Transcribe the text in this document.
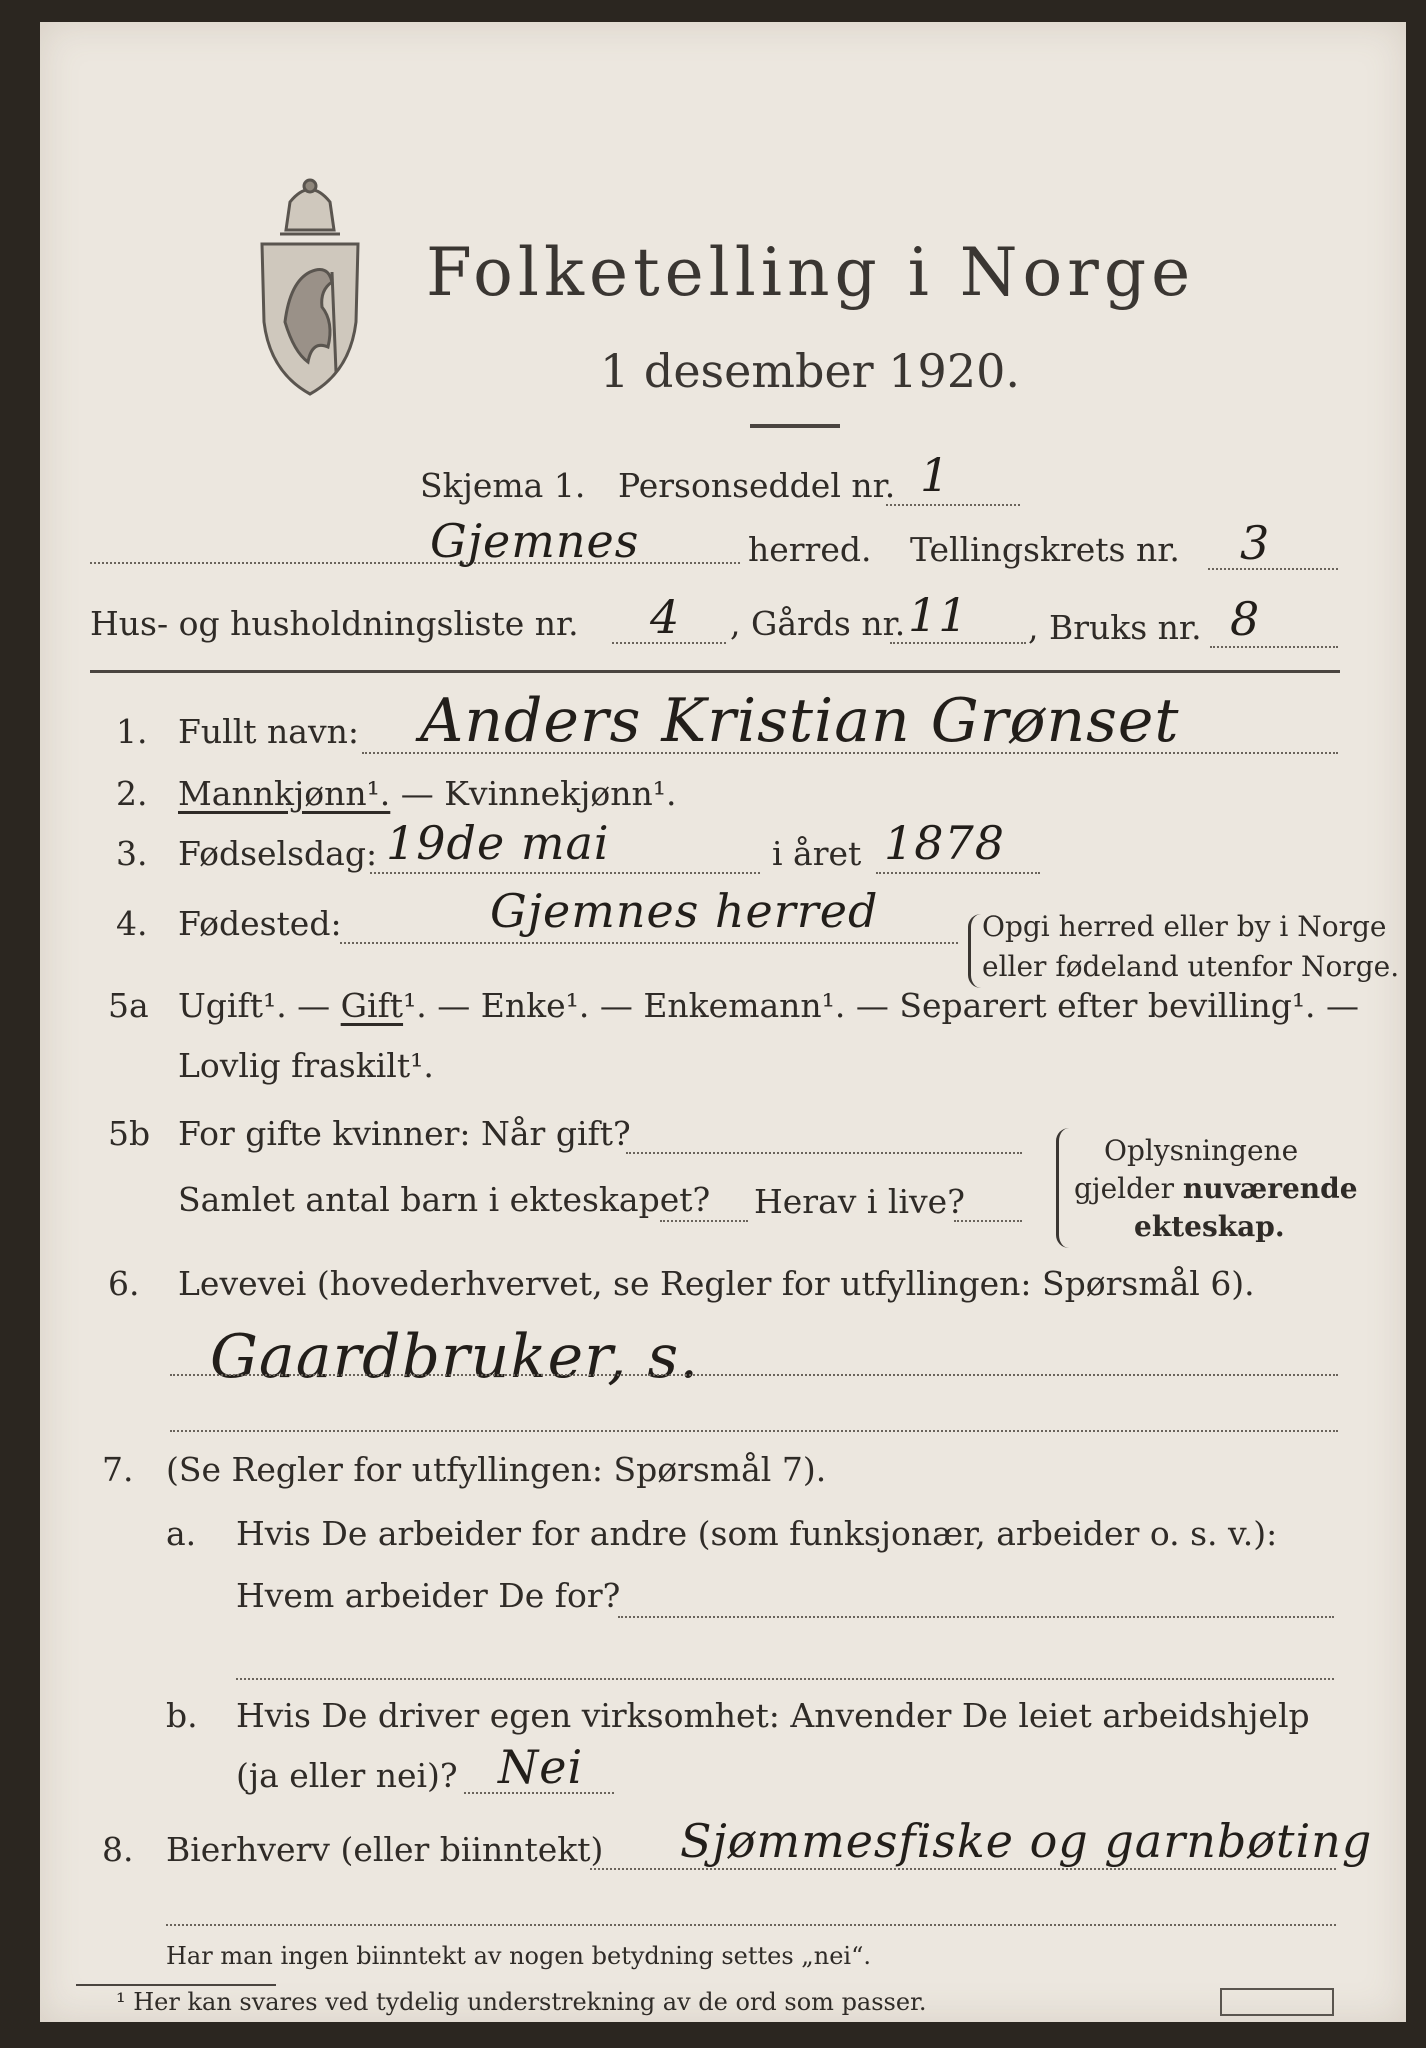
Folketelling i Norge
1 desember 1920.
Skjema 1. Personseddel nr. 1
Gjemnes	herred. Tellingskrets nr. 3
Hus- og husholdningsliste nr. 4 , Gårds nr. 11 , Bruks nr. 8
1. Fullt navn: Anders Kristian Grønset
2. Mannkjønn¹. — Kvinnekjønn¹.
3. Fødselsdag: 19de mai	i året 1878
4. Fødested:	Gjemnes herred	Opgi herred eller by i Norge
eller fødeland utenfor Norge.
5a Ugift¹. — Gift¹. — Enke¹. — Enkemann¹. — Separert efter bevilling¹. —
Lovlig fraskilt¹.
5b For gifte kvinner: Når gift?
Samlet antal barn i ekteskapet? Herav i live?
Oplysningene
gjelder nuværende
ekteskap.
6. Levevei (hovederhvervet, se Regler for utfyllingen: Spørsmål 6).
Gaardbruker, s.
7. (Se Regler for utfyllingen: Spørsmål 7).
a. Hvis De arbeider for andre (som funksjonær, arbeider o. s. v.):
Hvem arbeider De for?
b. Hvis De driver egen virksomhet: Anvender De leiet arbeidshjelp
(ja eller nei)? Nei
8. Bierhverv (eller biinntekt) Sjømmesfiske og garnbøting
Har man ingen biinntekt av nogen betydning settes „nei“.
¹ Her kan svares ved tydelig understrekning av de ord som passer.
